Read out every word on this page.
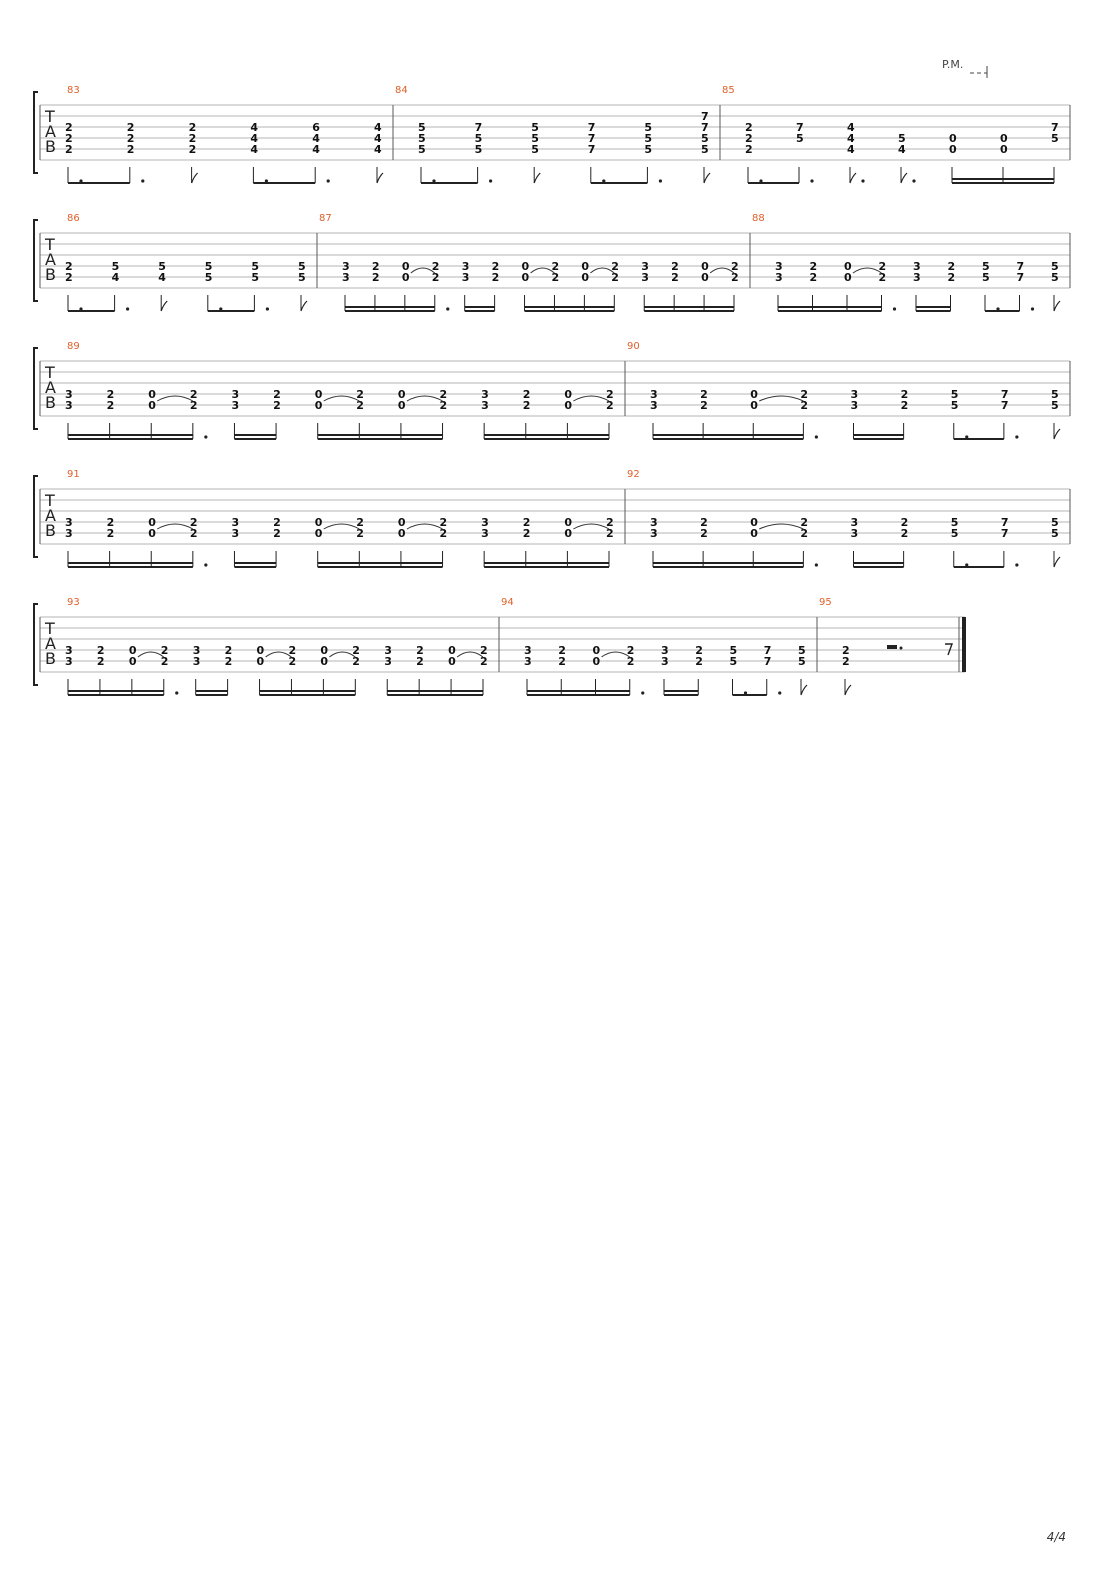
P.M.
T
A
B
83
2
2
2
2
2
2
2
2
2
4
4
4
6
4
4
4
4
4
84
5
5
5
7
5
5
5
5
5
7
7
7
5
5
5
7
7
5
5
85
2
2
2
7
5
4
4
4
5
4
0
0
0
0
7
5
T
A
B
86
2
2
5
4
5
4
5
5
5
5
5
5
87
3
3
2
2
0
0
2
2
3
3
2
2
0
0
2
2
0
0
2
2
3
3
2
2
0
0
2
2
88
3
3
2
2
0
0
2
2
3
3
2
2
5
5
7
7
5
5
T
A
B
89
3
3
2
2
0
0
2
2
3
3
2
2
0
0
2
2
0
0
2
2
3
3
2
2
0
0
2
2
90
3
3
2
2
0
0
2
2
3
3
2
2
5
5
7
7
5
5
T
A
B
91
3
3
2
2
0
0
2
2
3
3
2
2
0
0
2
2
0
0
2
2
3
3
2
2
0
0
2
2
92
3
3
2
2
0
0
2
2
3
3
2
2
5
5
7
7
5
5
T
A
B
93
3
3
2
2
0
0
2
2
3
3
2
2
0
0
2
2
0
0
2
2
3
3
2
2
0
0
2
2
94
3
3
2
2
0
0
2
2
3
3
2
2
5
5
7
7
5
5
95
2
2
4/4
